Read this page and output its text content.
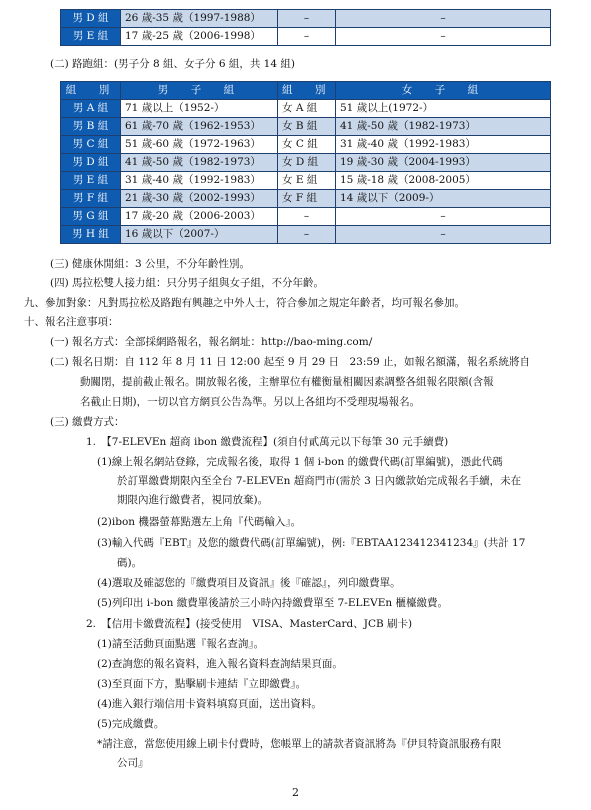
男 D 組	26 歲-35 歲（1997-1988）	–	–
男 E 組	17 歲-25 歲（2006-1998）	–	–
(二) 路跑組：(男子分 8 組、女子分 6 組，共 14 組)
組　別	男　子　組	組　別	女　子　組
男 A 組	71 歲以上（1952-）	女 A 組	51 歲以上(1972-）
男 B 組	61 歲-70 歲（1962-1953）	女 B 組	41 歲-50 歲（1982-1973）
男 C 組	51 歲-60 歲（1972-1963）	女 C 組	31 歲-40 歲（1992-1983）
男 D 組	41 歲-50 歲（1982-1973）	女 D 組	19 歲-30 歲（2004-1993）
男 E 組	31 歲-40 歲（1992-1983）	女 E 組	15 歲-18 歲（2008-2005）
男 F 組	21 歲-30 歲（2002-1993）	女 F 組	14 歲以下（2009-）
男 G 組	17 歲-20 歲（2006-2003）	–	–
男 H 組	16 歲以下（2007-）	–	–
(三) 健康休閒組：3 公里，不分年齡性別。
(四) 馬拉松雙人接力組：只分男子組與女子組，不分年齡。
九、參加對象：凡對馬拉松及路跑有興趣之中外人士，符合參加之規定年齡者，均可報名參加。
十、報名注意事項：
(一) 報名方式：全部採網路報名，報名網址：http://bao-ming.com/
(二) 報名日期：自 112 年 8 月 11 日 12:00 起至 9 月 29 日　23:59 止，如報名額滿，報名系統將自
動關閉，提前截止報名。開放報名後，主辦單位有權衡量相關因素調整各組報名限額(含報
名截止日期)，一切以官方網頁公告為準。另以上各組均不受理現場報名。
(三) 繳費方式：
1.　【7-ELEVEn 超商 ibon 繳費流程】(須自付貳萬元以下每筆 30 元手續費)
(1)線上報名網站登錄，完成報名後，取得 1 個 i-bon 的繳費代碼(訂單編號)，憑此代碼
於訂單繳費期限內至全台 7-ELEVEn 超商門市(需於 3 日內繳款始完成報名手續，未在
期限內進行繳費者，視同放棄)。
(2)ibon 機器螢幕點選左上角『代碼輸入』。
(3)輸入代碼『EBT』及您的繳費代碼(訂單編號)，例:『EBTAA123412341234』(共計 17
碼)。
(4)選取及確認您的『繳費項目及資訊』後『確認』，列印繳費單。
(5)列印出 i-bon 繳費單後請於三小時內持繳費單至 7-ELEVEn 櫃檯繳費。
2.　【信用卡繳費流程】(接受使用　VISA、MasterCard、JCB 刷卡)
(1)請至活動頁面點選『報名查詢』。
(2)查詢您的報名資料，進入報名資料查詢結果頁面。
(3)至頁面下方，點擊刷卡連結『立即繳費』。
(4)進入銀行端信用卡資料填寫頁面，送出資料。
(5)完成繳費。
*請注意，當您使用線上刷卡付費時，您帳單上的請款者資訊將為『伊貝特資訊服務有限
公司』
2
